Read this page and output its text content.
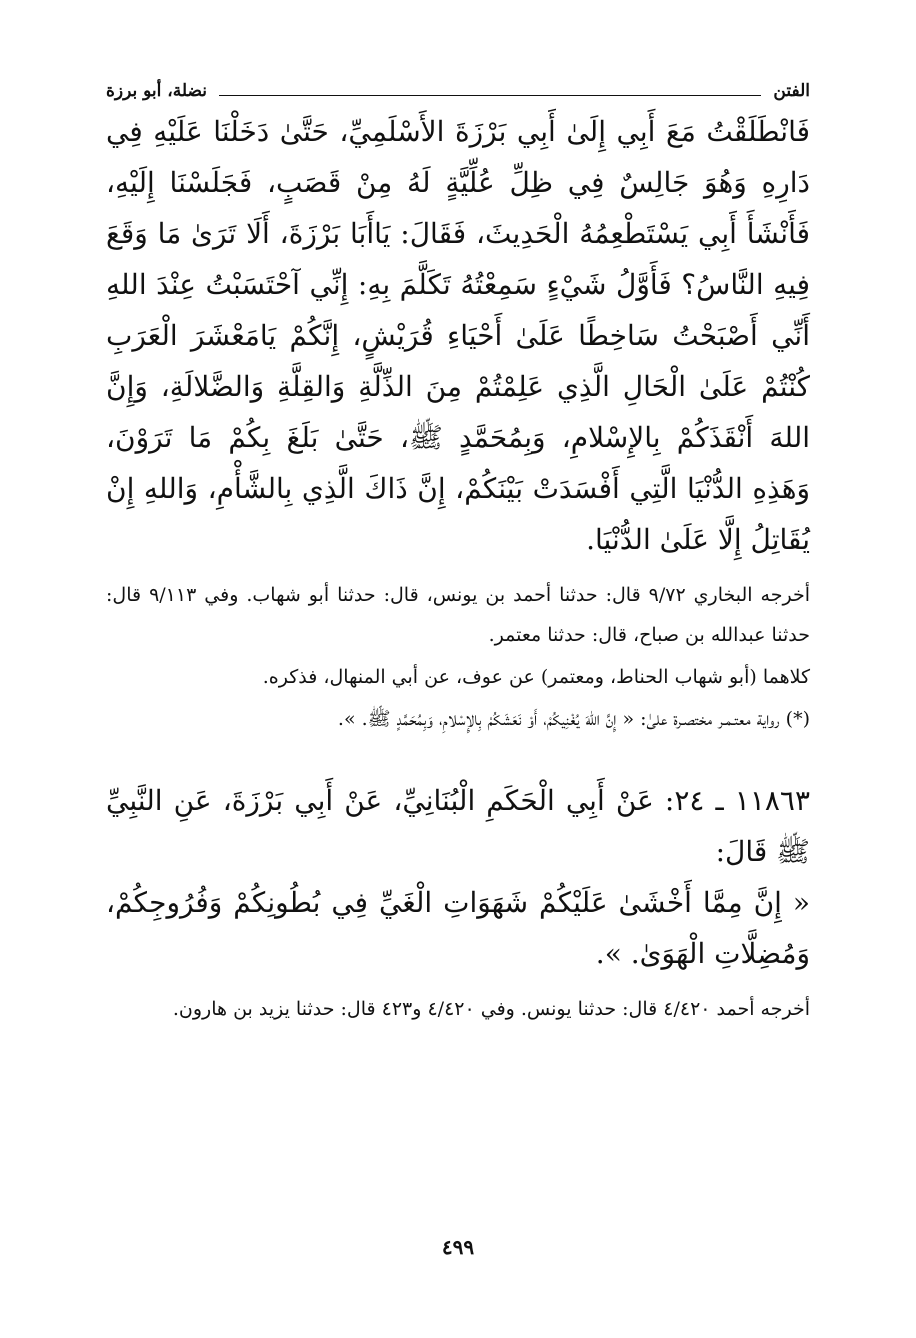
الفتن
نضلة، أبو برزة

فَانْطَلَقْتُ مَعَ أَبِي إِلَىٰ أَبِي بَرْزَةَ الأَسْلَمِيِّ، حَتَّىٰ دَخَلْنَا عَلَيْهِ فِي دَارِهِ وَهُوَ جَالِسٌ فِي ظِلِّ عُلِّيَّةٍ لَهُ مِنْ قَصَبٍ، فَجَلَسْنَا إِلَيْهِ، فَأَنْشَأَ أَبِي يَسْتَطْعِمُهُ الْحَدِيثَ، فَقَالَ: يَاأَبَا بَرْزَةَ، أَلَا تَرَىٰ مَا وَقَعَ فِيهِ النَّاسُ؟ فَأَوَّلُ شَيْءٍ سَمِعْتُهُ تَكَلَّمَ بِهِ: إِنِّي آحْتَسَبْتُ عِنْدَ اللهِ أَنِّي أَصْبَحْتُ سَاخِطًا عَلَىٰ أَحْيَاءِ قُرَيْشٍ، إِنَّكُمْ يَامَعْشَرَ الْعَرَبِ كُنْتُمْ عَلَىٰ الْحَالِ الَّذِي عَلِمْتُمْ مِنَ الذِّلَّةِ وَالقِلَّةِ وَالضَّلالَةِ، وَإِنَّ اللهَ أَنْقَذَكُمْ بِالإِسْلامِ، وَبِمُحَمَّدٍ ﷺ، حَتَّىٰ بَلَغَ بِكُمْ مَا تَرَوْنَ، وَهَذِهِ الدُّنْيَا الَّتِي أَفْسَدَتْ بَيْنَكُمْ، إِنَّ ذَاكَ الَّذِي بِالشَّأْمِ، وَاللهِ إِنْ يُقَاتِلُ إِلَّا عَلَىٰ الدُّنْيَا.

أخرجه البخاري ٩/٧٢ قال: حدثنا أحمد بن يونس، قال: حدثنا أبو شهاب. وفي ٩/١١٣ قال: حدثنا عبدالله بن صباح، قال: حدثنا معتمر.

كلاهما (أبو شهاب الحناط، ومعتمر) عن عوف، عن أبي المنهال، فذكره.

(*) رواية معتـمـر مختصـرة علىٰ: « إِنَّ اللهَ يُغْنِيكُمْ، أَوْ نَعَشَكُمْ بِالإِسْلامِ، وَبِمُحَمَّدٍ ﷺ. ».

١١٨٦٣ ـ ٢٤: عَنْ أَبِي الْحَكَمِ الْبُنَانِيِّ، عَنْ أَبِي بَرْزَةَ، عَنِ النَّبِيِّ ﷺ قَالَ:

« إِنَّ مِمَّا أَخْشَىٰ عَلَيْكُمْ شَهَوَاتِ الْغَيِّ فِي بُطُونِكُمْ وَفُرُوجِكُمْ، وَمُضِلَّاتِ الْهَوَىٰ. ».

أخرجه أحمد ٤/٤٢٠ قال: حدثنا يونس. وفي ٤/٤٢٠ و٤٢٣ قال: حدثنا يزيد بن هارون.

٤٩٩
